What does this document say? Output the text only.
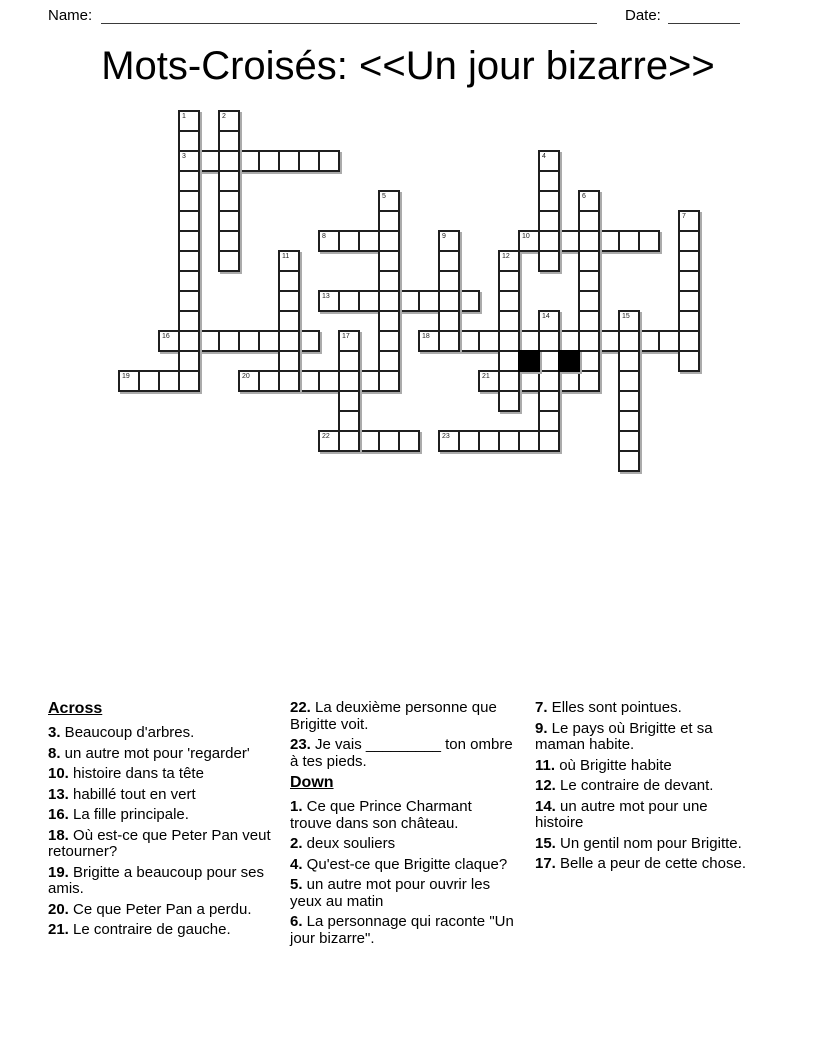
Name:	Date:
Mots-Croisés: <<Un jour bizarre>>
1	2
3	4
5	6
7
8	9	10
11	12
13
14	15
16	17	18
19	20	21
22	23
Across

3. Beaucoup d'arbres.

8. un autre mot pour 'regarder'

10. histoire dans ta tête

13. habillé tout en vert

16. La fille principale.

18. Où est-ce que Peter Pan veut retourner?

19. Brigitte a beaucoup pour ses amis.

20. Ce que Peter Pan a perdu.

21. Le contraire de gauche.

22. La deuxième personne que Brigitte voit.

23. Je vais _________ ton ombre à tes pieds.

Down

1. Ce que Prince Charmant trouve dans son château.

2. deux souliers

4. Qu'est-ce que Brigitte claque?

5. un autre mot pour ouvrir les yeux au matin

6. La personnage qui raconte "Un jour bizarre".

7. Elles sont pointues.

9. Le pays où Brigitte et sa maman habite.

11. où Brigitte habite

12. Le contraire de devant.

14. un autre mot pour une histoire

15. Un gentil nom pour Brigitte.

17. Belle a peur de cette chose.
